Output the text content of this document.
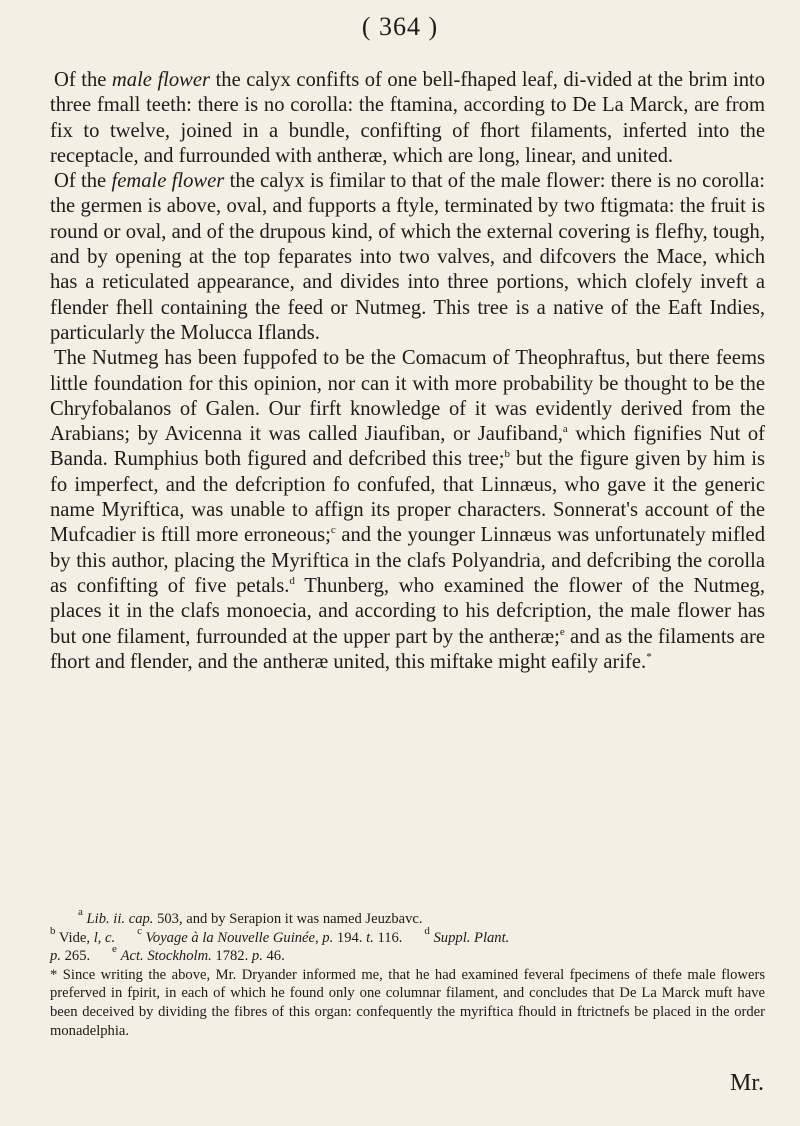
( 364 )

Of the male flower the calyx confifts of one bell-fhaped leaf, di-vided at the brim into three fmall teeth: there is no corolla: the ftamina, according to De La Marck, are from fix to twelve, joined in a bundle, confifting of fhort filaments, inferted into the receptacle, and furrounded with antheræ, which are long, linear, and united.

Of the female flower the calyx is fimilar to that of the male flower: there is no corolla: the germen is above, oval, and fupports a ftyle, terminated by two ftigmata: the fruit is round or oval, and of the drupous kind, of which the external covering is flefhy, tough, and by opening at the top feparates into two valves, and difcovers the Mace, which has a reticulated appearance, and divides into three portions, which clofely inveft a flender fhell containing the feed or Nutmeg. This tree is a native of the Eaft Indies, particularly the Molucca Iflands.

The Nutmeg has been fuppofed to be the Comacum of Theophraftus, but there feems little foundation for this opinion, nor can it with more probability be thought to be the Chryfobalanos of Galen. Our firft knowledge of it was evidently derived from the Arabians; by Avicenna it was called Jiaufiban, or Jaufiband,$^a$ which fignifies Nut of Banda. Rumphius both figured and defcribed this tree;$^b$ but the figure given by him is fo imperfect, and the defcription fo confufed, that Linnæus, who gave it the generic name Myriftica, was unable to affign its proper characters. Sonnerat's account of the Mufcadier is ftill more erroneous;$^c$ and the younger Linnæus was unfortunately mifled by this author, placing the Myriftica in the clafs Polyandria, and defcribing the corolla as confifting of five petals.$^d$ Thunberg, who examined the flower of the Nutmeg, places it in the clafs monoecia, and according to his defcription, the male flower has but one filament, furrounded at the upper part by the antheræ;$^e$ and as the filaments are fhort and flender, and the antheræ united, this miftake might eafily arife.*

$^a$ Lib. ii. cap. 503, and by Serapion it was named Jeuzbavc.

$^b$ Vide, l, c. $^c$ Voyage à la Nouvelle Guinée, p. 194. t. 116. $^d$ Suppl. Plant.

p. 265. $^e$ Act. Stockholm. 1782. p. 46.

* Since writing the above, Mr. Dryander informed me, that he had examined feveral fpecimens of thefe male flowers preferved in fpirit, in each of which he found only one columnar filament, and concludes that De La Marck muft have been deceived by dividing the fibres of this organ: confequently the myriftica fhould in ftrictnefs be placed in the order monadelphia.

Mr.
